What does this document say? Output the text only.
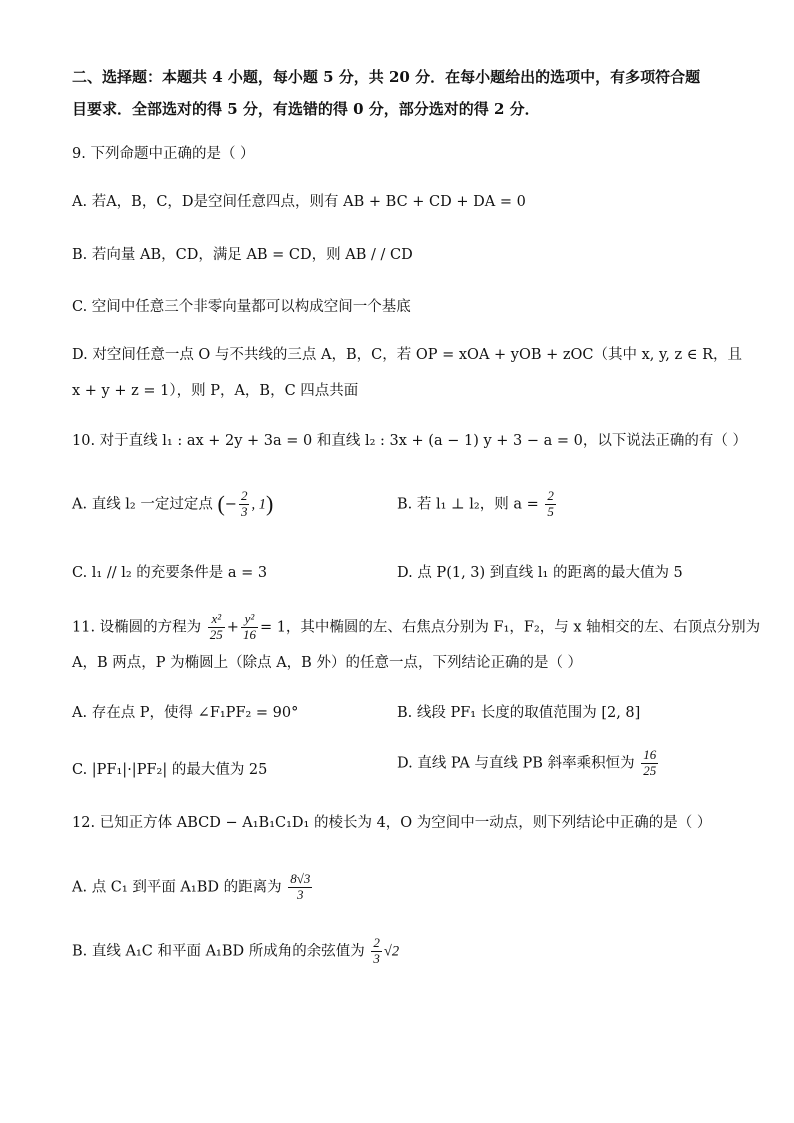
二、选择题：本题共 4 小题，每小题 5 分，共 20 分．在每小题给出的选项中，有多项符合题
目要求．全部选对的得 5 分，有选错的得 0 分，部分选对的得 2 分．
9. 下列命题中正确的是（ ）
A. 若A，B，C，D是空间任意四点，则有 AB + BC + CD + DA = 0
B. 若向量 AB，CD，满足 AB = CD，则 AB / / CD
C. 空间中任意三个非零向量都可以构成空间一个基底
D. 对空间任意一点 O 与不共线的三点 A，B，C，若 OP = xOA + yOB + zOC（其中 x, y, z ∈ R，且
x + y + z = 1），则 P，A，B，C 四点共面
10. 对于直线 l₁ : ax + 2y + 3a = 0 和直线 l₂ : 3x + (a − 1) y + 3 − a = 0，以下说法正确的有（ ）
A. 直线 l₂ 一定过定点 (− $\frac{2}{3}$ , 1)	B. 若 l₁ ⊥ l₂，则 $a = \frac{2}{5}$
C. l₁ // l₂ 的充要条件是 a = 3	D. 点 P(1, 3) 到直线 l₁ 的距离的最大值为 5
11. 设椭圆的方程为 $\frac{\text{x²}}{25} + \frac{\text{y²}}{16} = 1$，其中椭圆的左、右焦点分别为 F₁，F₂，与 x 轴相交的左、右顶点分别为
A，B 两点，P 为椭圆上（除点 A，B 外）的任意一点，下列结论正确的是（ ）
A. 存在点 P，使得 ∠F₁PF₂ = 90°	B. 线段 PF₁ 长度的取值范围为 [2, 8]
C. |PF₁|·|PF₂| 的最大值为 25	D. 直线 PA 与直线 PB 斜率乘积恒为 $\frac{16}{25}$
12. 已知正方体 ABCD − A₁B₁C₁D₁ 的棱长为 4，O 为空间中一动点，则下列结论中正确的是（ ）
A. 点 C₁ 到平面 A₁BD 的距离为 $\frac{8√3}{3}$
B. 直线 A₁C 和平面 A₁BD 所成角的余弦值为 $\frac{2}{3} √2$
